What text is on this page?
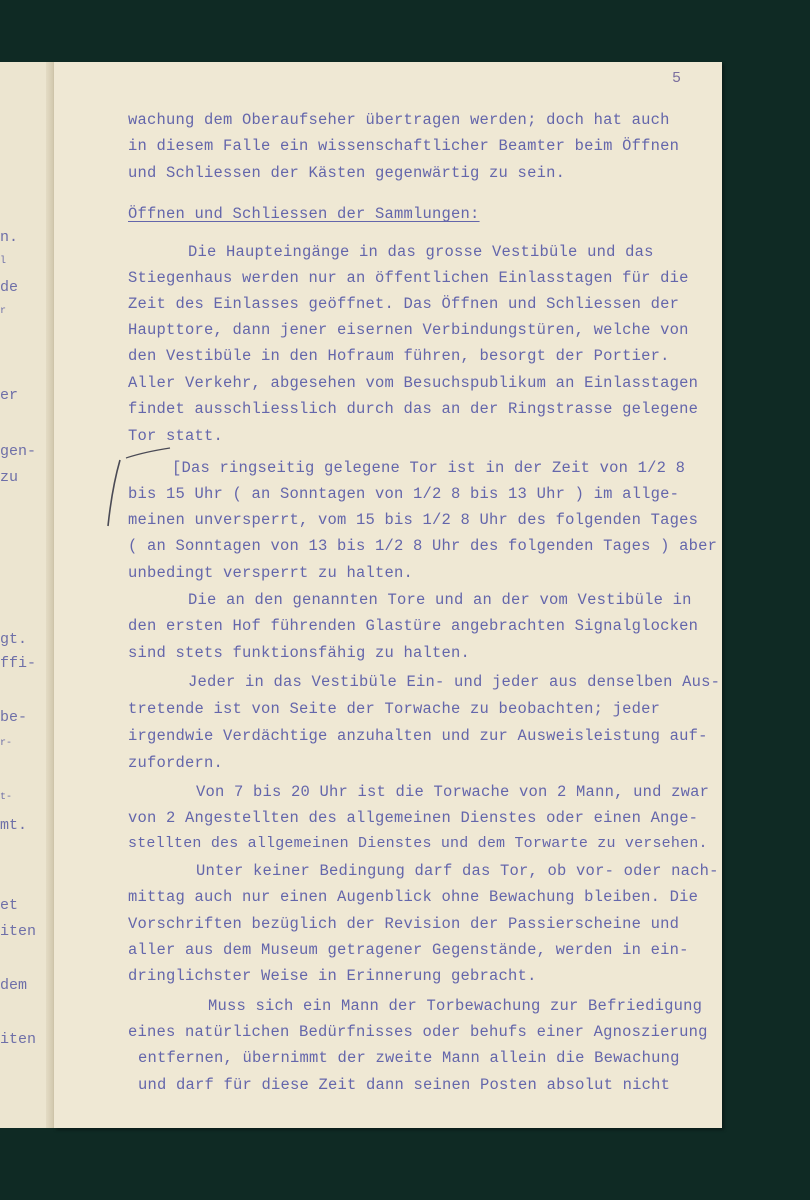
n.
l
de
r
er
gen-
zu
gt.
ffi-
be-
r-
t-
mt.
et
iten
dem
iten
5
wachung dem Oberaufseher übertragen werden; doch hat auch
in diesem Falle ein wissenschaftlicher Beamter beim Öffnen
und Schliessen der Kästen gegenwärtig zu sein.
Öffnen und Schliessen der Sammlungen:
Die Haupteingänge in das grosse Vestibüle und das
Stiegenhaus werden nur an öffentlichen Einlasstagen für die
Zeit des Einlasses geöffnet. Das Öffnen und Schliessen der
Haupttore, dann jener eisernen Verbindungstüren, welche von
den Vestibüle in den Hofraum führen, besorgt der Portier.
Aller Verkehr, abgesehen vom Besuchspublikum an Einlasstagen
findet ausschliesslich durch das an der Ringstrasse gelegene
Tor statt.
[Das ringseitig gelegene Tor ist in der Zeit von 1/2 8
bis 15 Uhr ( an Sonntagen von 1/2 8 bis 13 Uhr ) im allge-
meinen unversperrt, vom 15 bis 1/2 8 Uhr des folgenden Tages
( an Sonntagen von 13 bis 1/2 8 Uhr des folgenden Tages ) aber
unbedingt versperrt zu halten.
Die an den genannten Tore und an der vom Vestibüle in
den ersten Hof führenden Glastüre angebrachten Signalglocken
sind stets funktionsfähig zu halten.
Jeder in das Vestibüle Ein- und jeder aus denselben Aus-
tretende ist von Seite der Torwache zu beobachten; jeder
irgendwie Verdächtige anzuhalten und zur Ausweisleistung auf-
zufordern.
Von 7 bis 20 Uhr ist die Torwache von 2 Mann, und zwar
von 2 Angestellten des allgemeinen Dienstes oder einen Ange-
stellten des allgemeinen Dienstes und dem Torwarte zu versehen.
Unter keiner Bedingung darf das Tor, ob vor- oder nach-
mittag auch nur einen Augenblick ohne Bewachung bleiben. Die
Vorschriften bezüglich der Revision der Passierscheine und
aller aus dem Museum getragener Gegenstände, werden in ein-
dringlichster Weise in Erinnerung gebracht.
Muss sich ein Mann der Torbewachung zur Befriedigung
eines natürlichen Bedürfnisses oder behufs einer Agnoszierung
entfernen, übernimmt der zweite Mann allein die Bewachung
und darf für diese Zeit dann seinen Posten absolut nicht
